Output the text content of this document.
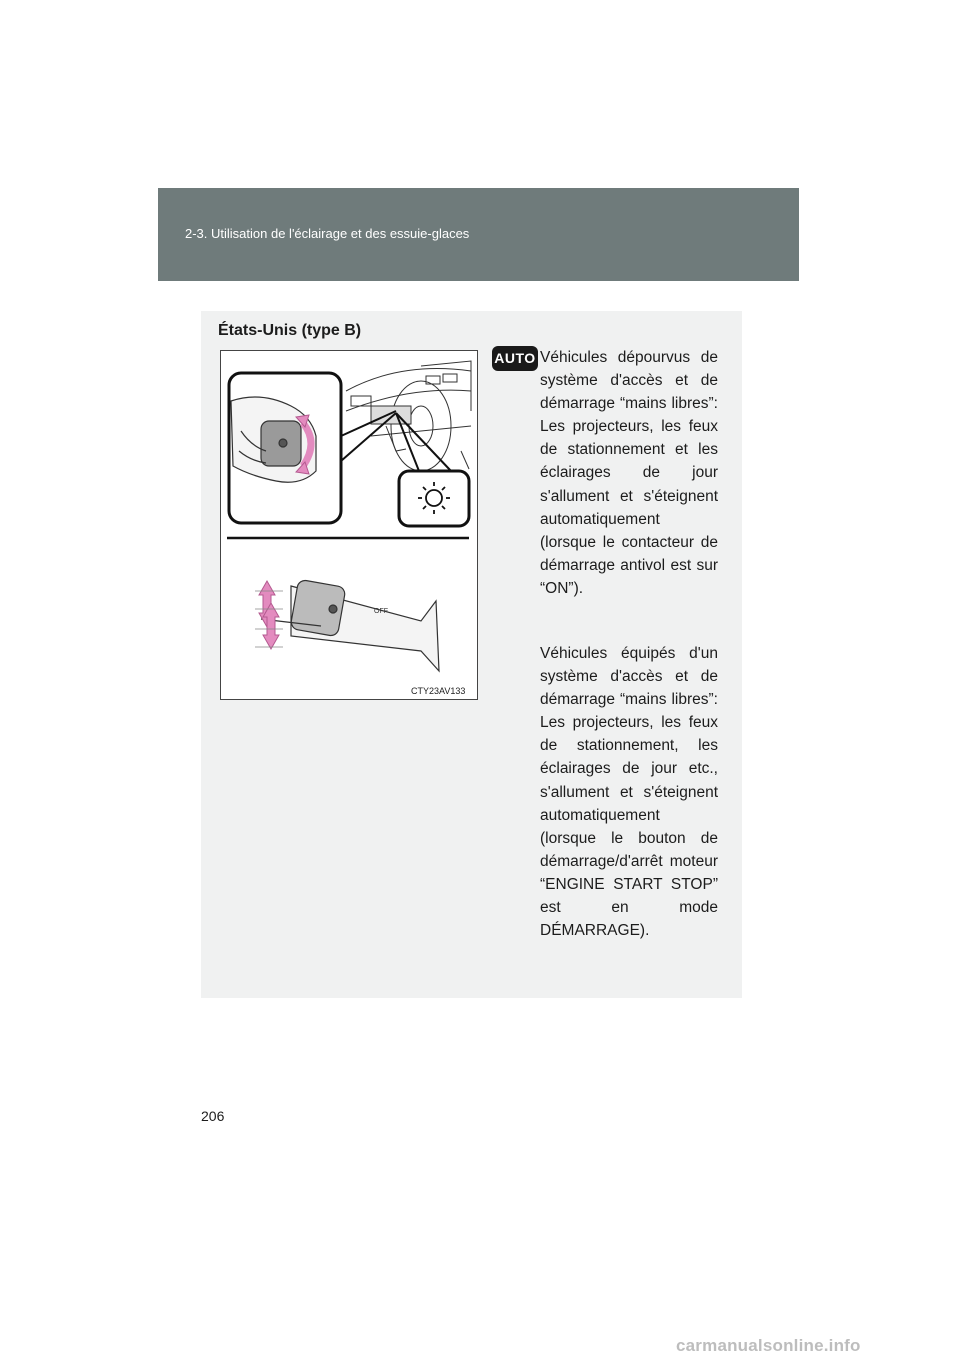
2-3. Utilisation de l'éclairage et des essuie-glaces
États-Unis (type B)
OFF
CTY23AV133
AUTO Véhicules dépourvus de système d'accès et de démarrage “mains libres”: Les projecteurs, les feux de stationnement et les éclairages de jour s'allument et s'éteignent automatiquement (lorsque le contacteur de démarrage antivol est sur “ON”).
Véhicules équipés d'un système d'accès et de démarrage “mains libres”: Les projecteurs, les feux de stationnement, les éclairages de jour etc., s'allument et s'éteignent automatiquement (lorsque le bouton de démarrage/d'arrêt moteur “ENGINE START STOP” est en mode DÉMARRAGE).
206
carmanualsonline.info
